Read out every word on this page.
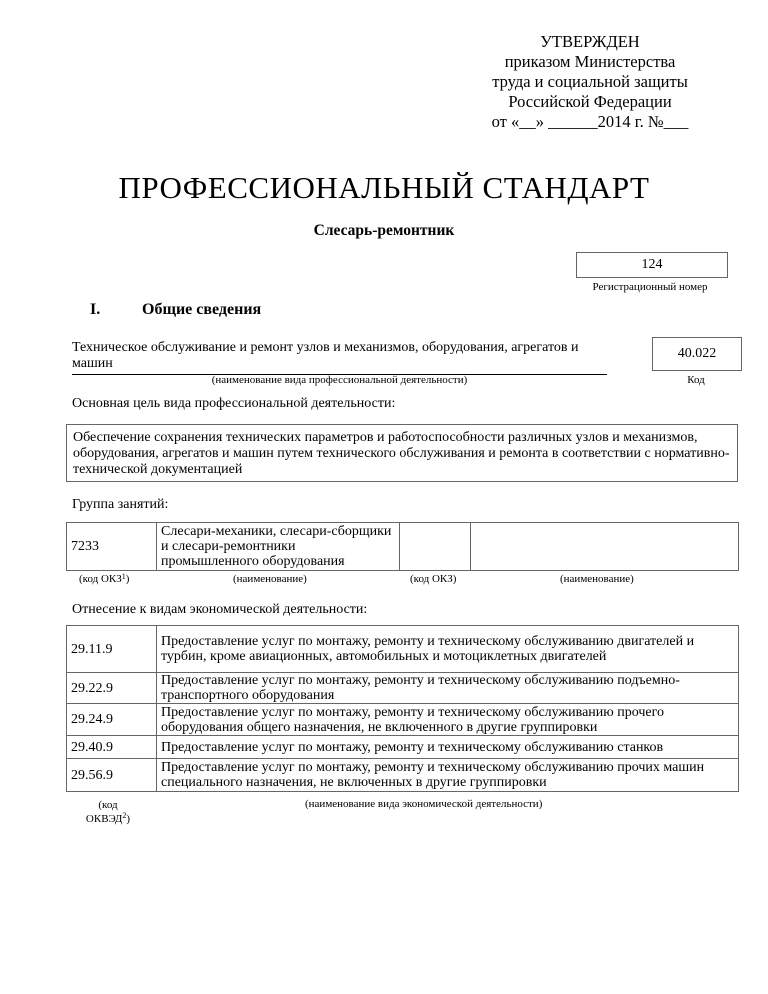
УТВЕРЖДЕН
приказом Министерства
труда и социальной защиты
Российской Федерации
от «__» ______2014 г. №___
ПРОФЕССИОНАЛЬНЫЙ СТАНДАРТ
Слесарь-ремонтник
124
Регистрационный номер
I.	Общие сведения
Техническое обслуживание и ремонт узлов и механизмов, оборудования, агрегатов и машин
(наименование вида профессиональной деятельности)
40.022
Код
Основная цель вида профессиональной деятельности:
Обеспечение сохранения технических параметров и работоспособности различных узлов и механизмов, оборудования, агрегатов и машин путем технического обслуживания и ремонта в соответствии с нормативно-технической документацией
Группа занятий:
7233	Слесари-механики, слесари-сборщики и слесари-ремонтники промышленного оборудования		
(код ОКЗ$^1$)	(наименование)	(код ОКЗ)	(наименование)
Отнесение к видам экономической деятельности:
29.11.9	Предоставление услуг по монтажу, ремонту и техническому обслуживанию двигателей и турбин, кроме авиационных, автомобильных и мотоциклетных двигателей
29.22.9	Предоставление услуг по монтажу, ремонту и техническому обслуживанию подъемно-транспортного оборудования
29.24.9	Предоставление услуг по монтажу, ремонту и техническому обслуживанию прочего оборудования общего назначения, не включенного в другие группировки
29.40.9	Предоставление услуг по монтажу, ремонту и техническому обслуживанию станков
29.56.9	Предоставление услуг по монтажу, ремонту и техническому обслуживанию прочих машин специального назначения, не включенных в другие группировки
(код
ОКВЭД$^2$)
(наименование вида экономической деятельности)
